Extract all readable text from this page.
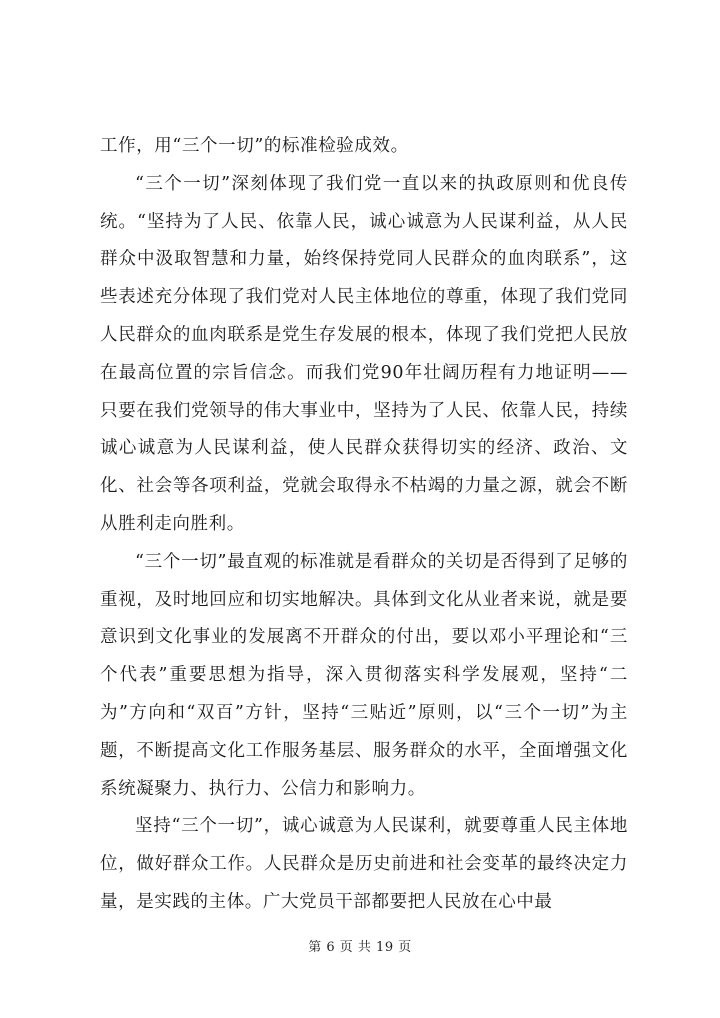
工作，用“三个一切”的标准检验成效。

“三个一切”深刻体现了我们党一直以来的执政原则和优良传统。“坚持为了人民、依靠人民，诚心诚意为人民谋利益，从人民群众中汲取智慧和力量，始终保持党同人民群众的血肉联系”，这些表述充分体现了我们党对人民主体地位的尊重，体现了我们党同人民群众的血肉联系是党生存发展的根本，体现了我们党把人民放在最高位置的宗旨信念。而我们党90年壮阔历程有力地证明——只要在我们党领导的伟大事业中，坚持为了人民、依靠人民，持续诚心诚意为人民谋利益，使人民群众获得切实的经济、政治、文化、社会等各项利益，党就会取得永不枯竭的力量之源，就会不断从胜利走向胜利。

“三个一切”最直观的标准就是看群众的关切是否得到了足够的重视，及时地回应和切实地解决。具体到文化从业者来说，就是要意识到文化事业的发展离不开群众的付出，要以邓小平理论和“三个代表”重要思想为指导，深入贯彻落实科学发展观，坚持“二为”方向和“双百”方针，坚持“三贴近”原则，以“三个一切”为主题，不断提高文化工作服务基层、服务群众的水平，全面增强文化系统凝聚力、执行力、公信力和影响力。

坚持“三个一切”，诚心诚意为人民谋利，就要尊重人民主体地位，做好群众工作。人民群众是历史前进和社会变革的最终决定力量，是实践的主体。广大党员干部都要把人民放在心中最

第 6 页 共 19 页
